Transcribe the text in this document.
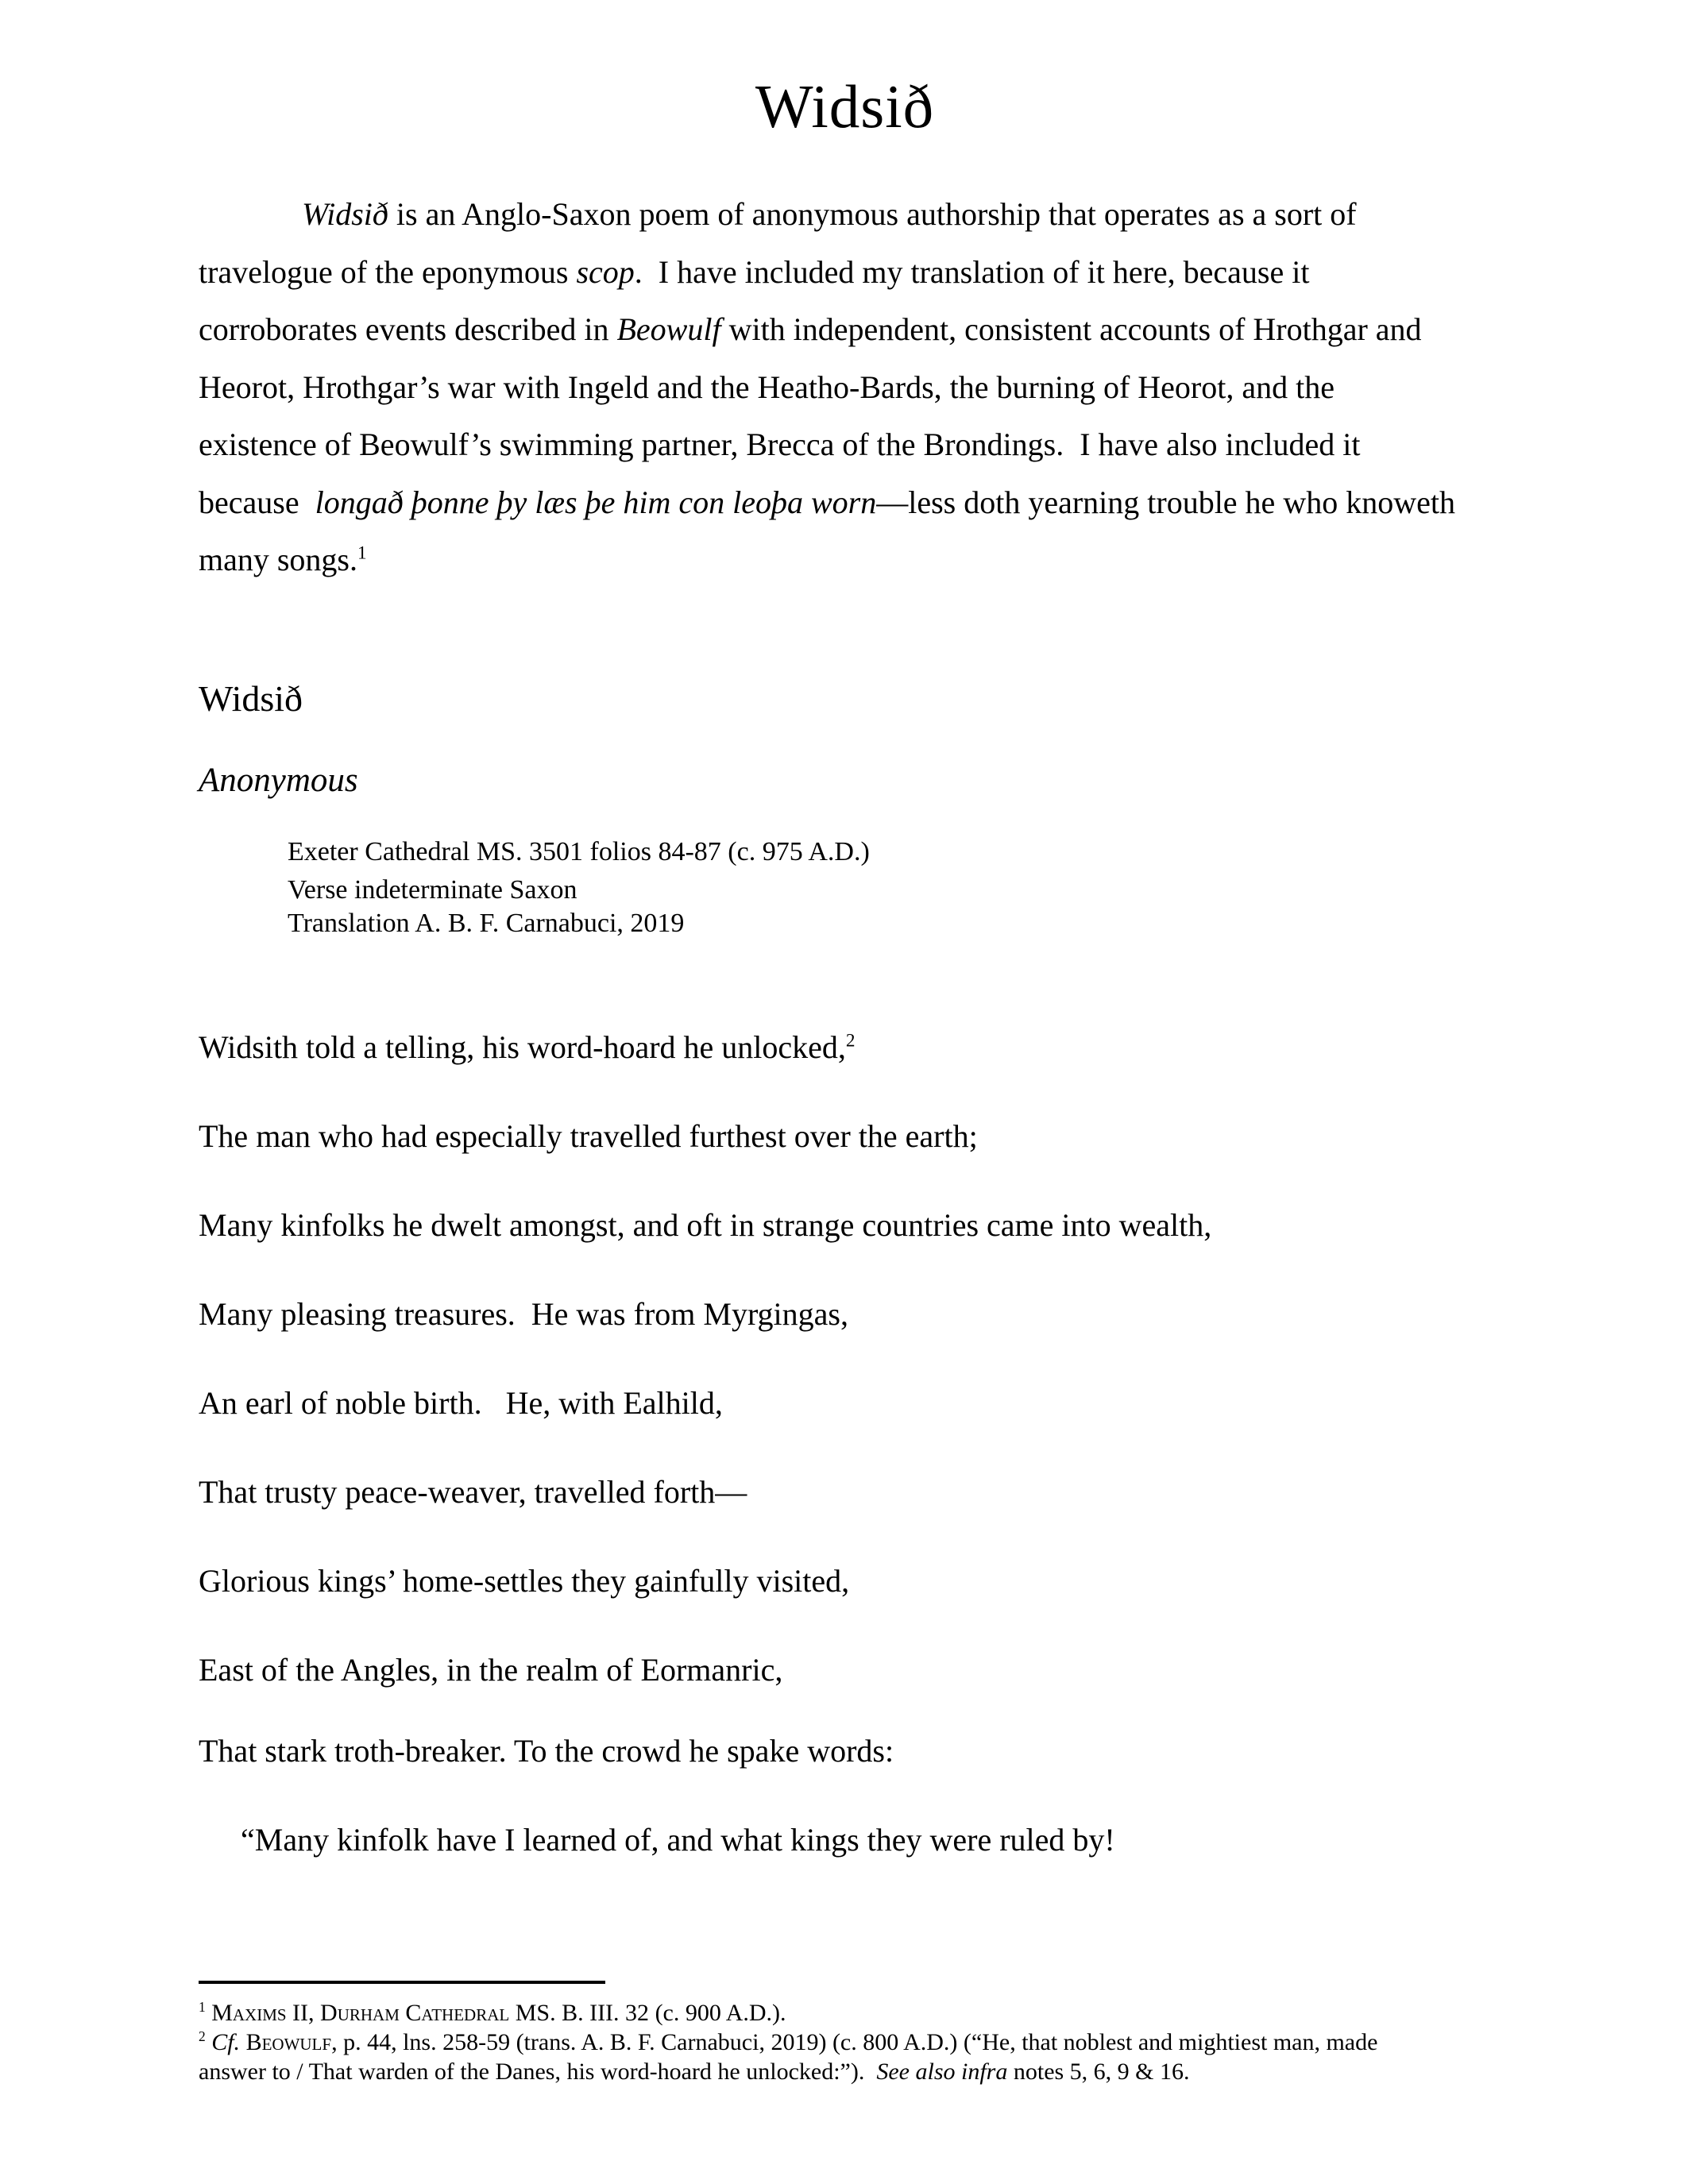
Widsið
Widsið is an Anglo-Saxon poem of anonymous authorship that operates as a sort of
travelogue of the eponymous scop.  I have included my translation of it here, because it
corroborates events described in Beowulf with independent, consistent accounts of Hrothgar and
Heorot, Hrothgar’s war with Ingeld and the Heatho-Bards, the burning of Heorot, and the
existence of Beowulf’s swimming partner, Brecca of the Brondings.  I have also included it
because  longað þonne þy læs þe him con leoþa worn—less doth yearning trouble he who knoweth
many songs.$^1$
Widsið
Anonymous
Exeter Cathedral MS. 3501 folios 84-87 (c. 975 A.D.)
Verse indeterminate Saxon
Translation A. B. F. Carnabuci, 2019
Widsith told a telling, his word-hoard he unlocked,$^2$
The man who had especially travelled furthest over the earth;
Many kinfolks he dwelt amongst, and oft in strange countries came into wealth,
Many pleasing treasures.  He was from Myrgingas,
An earl of noble birth.   He, with Ealhild,
That trusty peace-weaver, travelled forth—
Glorious kings’ home-settles they gainfully visited,
East of the Angles, in the realm of Eormanric,
That stark troth-breaker. To the crowd he spake words:
“Many kinfolk have I learned of, and what kings they were ruled by!
$^1$ Maxims II, Durham Cathedral MS. B. III. 32 (c. 900 A.D.).
$^2$ Cf. Beowulf, p. 44, lns. 258-59 (trans. A. B. F. Carnabuci, 2019) (c. 800 A.D.) (“He, that noblest and mightiest man, made
answer to / That warden of the Danes, his word-hoard he unlocked:”).  See also infra notes 5, 6, 9 & 16.
